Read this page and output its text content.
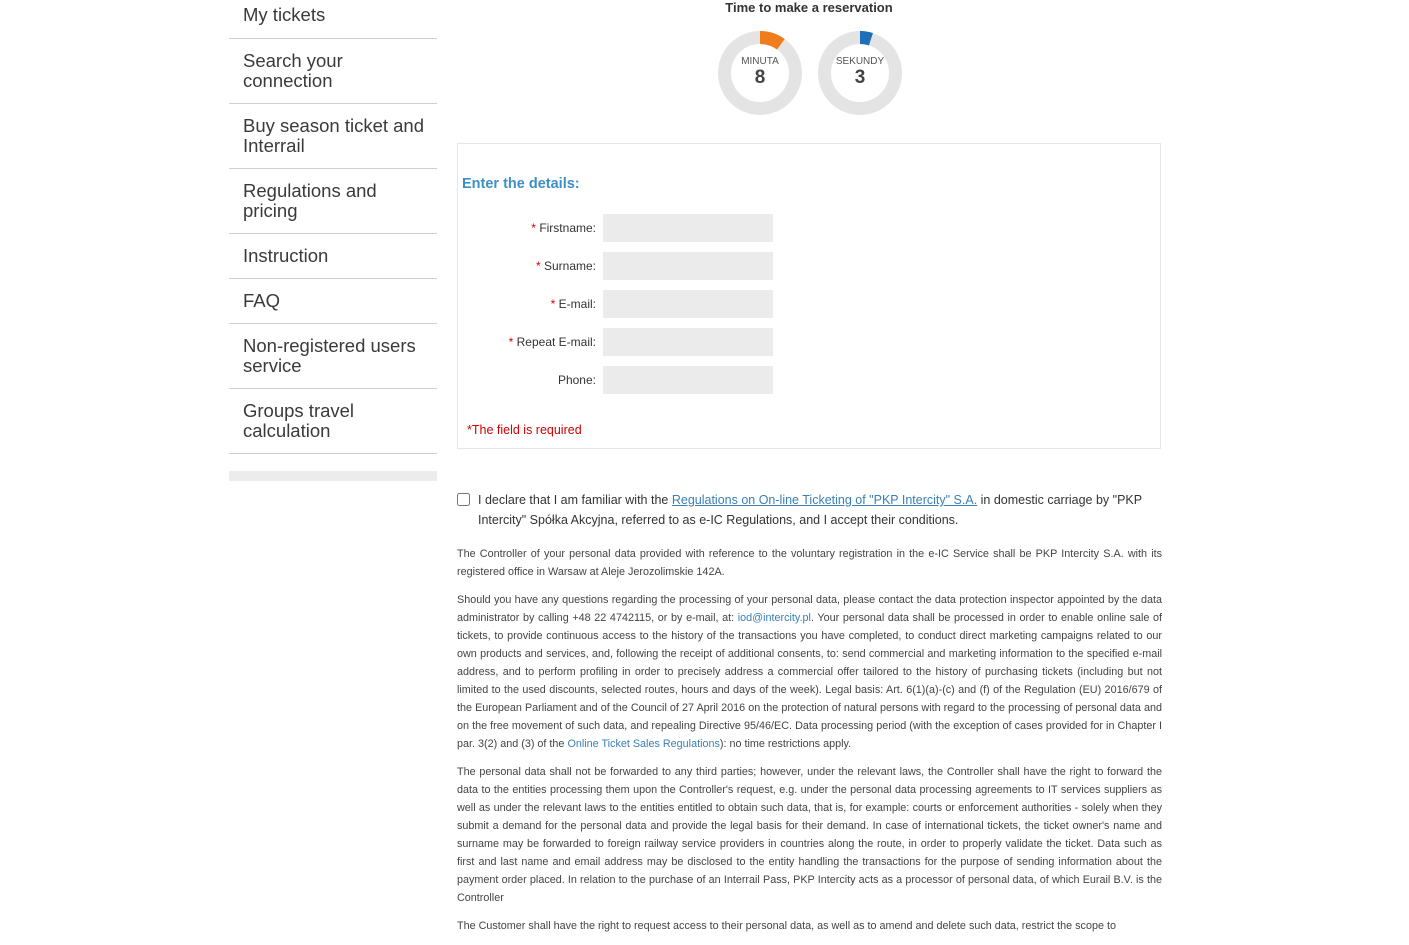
My tickets
Search your connection
Buy season ticket and Interrail
Regulations and pricing
Instruction
FAQ
Non-registered users service
Groups travel calculation
Time to make a reservation
MINUTA
8
SEKUNDY
3
Enter the details:
* Firstname:
* Surname:
* E-mail:
* Repeat E-mail:
Phone:
*The field is required
I declare that I am familiar with the Regulations on On-line Ticketing of "PKP Intercity" S.A. in domestic carriage by "PKP Intercity" Spółka Akcyjna, referred to as e-IC Regulations, and I accept their conditions.

The Controller of your personal data provided with reference to the voluntary registration in the e-IC Service shall be PKP Intercity S.A. with its registered office in Warsaw at Aleje Jerozolimskie 142A.

Should you have any questions regarding the processing of your personal data, please contact the data protection inspector appointed by the data administrator by calling +48 22 4742115, or by e-mail, at: iod@intercity.pl. Your personal data shall be processed in order to enable online sale of tickets, to provide continuous access to the history of the transactions you have completed, to conduct direct marketing campaigns related to our own products and services, and, following the receipt of additional consents, to: send commercial and marketing information to the specified e-mail address, and to perform profiling in order to precisely address a commercial offer tailored to the history of purchasing tickets (including but not limited to the used discounts, selected routes, hours and days of the week). Legal basis: Art. 6(1)(a)-(c) and (f) of the Regulation (EU) 2016/679 of the European Parliament and of the Council of 27 April 2016 on the protection of natural persons with regard to the processing of personal data and on the free movement of such data, and repealing Directive 95/46/EC. Data processing period (with the exception of cases provided for in Chapter I par. 3(2) and (3) of the Online Ticket Sales Regulations): no time restrictions apply.

The personal data shall not be forwarded to any third parties; however, under the relevant laws, the Controller shall have the right to forward the data to the entities processing them upon the Controller's request, e.g. under the personal data processing agreements to IT services suppliers as well as under the relevant laws to the entities entitled to obtain such data, that is, for example: courts or enforcement authorities - solely when they submit a demand for the personal data and provide the legal basis for their demand. In case of international tickets, the ticket owner's name and surname may be forwarded to foreign railway service providers in countries along the route, in order to properly validate the ticket. Data such as first and last name and email address may be disclosed to the entity handling the transactions for the purpose of sending information about the payment order placed. In relation to the purchase of an Interrail Pass, PKP Intercity acts as a processor of personal data, of which Eurail B.V. is the Controller

The Customer shall have the right to request access to their personal data, as well as to amend and delete such data, restrict the scope to
